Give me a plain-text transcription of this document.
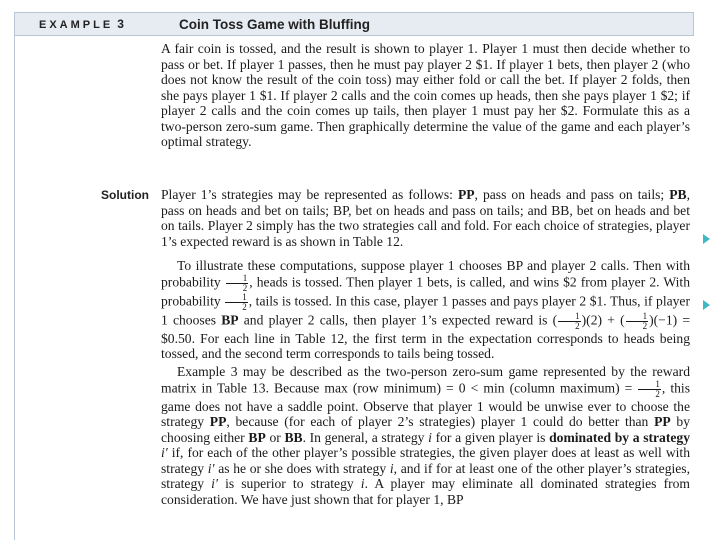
EXAMPLE 3	Coin Toss Game with Bluffing
A fair coin is tossed, and the result is shown to player 1. Player 1 must then decide whether to pass or bet. If player 1 passes, then he must pay player 2 $1. If player 1 bets, then player 2 (who does not know the result of the coin toss) may either fold or call the bet. If player 2 folds, then she pays player 1 $1. If player 2 calls and the coin comes up heads, then she pays player 1 $2; if player 2 calls and the coin comes up tails, then player 1 must pay her $2. Formulate this as a two-person zero-sum game. Then graphically determine the value of the game and each player’s optimal strategy.
Solution Player 1’s strategies may be represented as follows: PP, pass on heads and pass on tails; PB, pass on heads and bet on tails; BP, bet on heads and pass on tails; and BB, bet on heads and bet on tails. Player 2 simply has the two strategies call and fold. For each choice of strategies, player 1’s expected reward is as shown in Table 12.
To illustrate these computations, suppose player 1 chooses BP and player 2 calls. Then with probability $\frac{1}{2}$ , heads is tossed. Then player 1 bets, is called, and wins $2 from player 2. With probability $\frac{1}{2}$ , tails is tossed. In this case, player 1 passes and pays player 2 $1. Thus, if player 1 chooses BP and player 2 calls, then player 1’s expected reward is ( $\frac{1}{2} )(2)$ + ( $\frac{1}{2} )(-1)$ = $0.50. For each line in Table 12, the first term in the expectation corresponds to heads being tossed, and the second term corresponds to tails being tossed.
Example 3 may be described as the two-person zero-sum game represented by the reward matrix in Table 13. Because max (row minimum) = 0 < min (column maximum) = $\frac{1}{2}$ , this game does not have a saddle point. Observe that player 1 would be unwise ever to choose the strategy PP, because (for each of player 2’s strategies) player 1 could do better than PP by choosing either BP or BB. In general, a strategy i for a given player is dominated by a strategy i′ if, for each of the other player’s possible strategies, the given player does at least as well with strategy i′ as he or she does with strategy i, and if for at least one of the other player’s strategies, strategy i′ is superior to strategy i. A player may eliminate all dominated strategies from consideration. We have just shown that for player 1, BP
